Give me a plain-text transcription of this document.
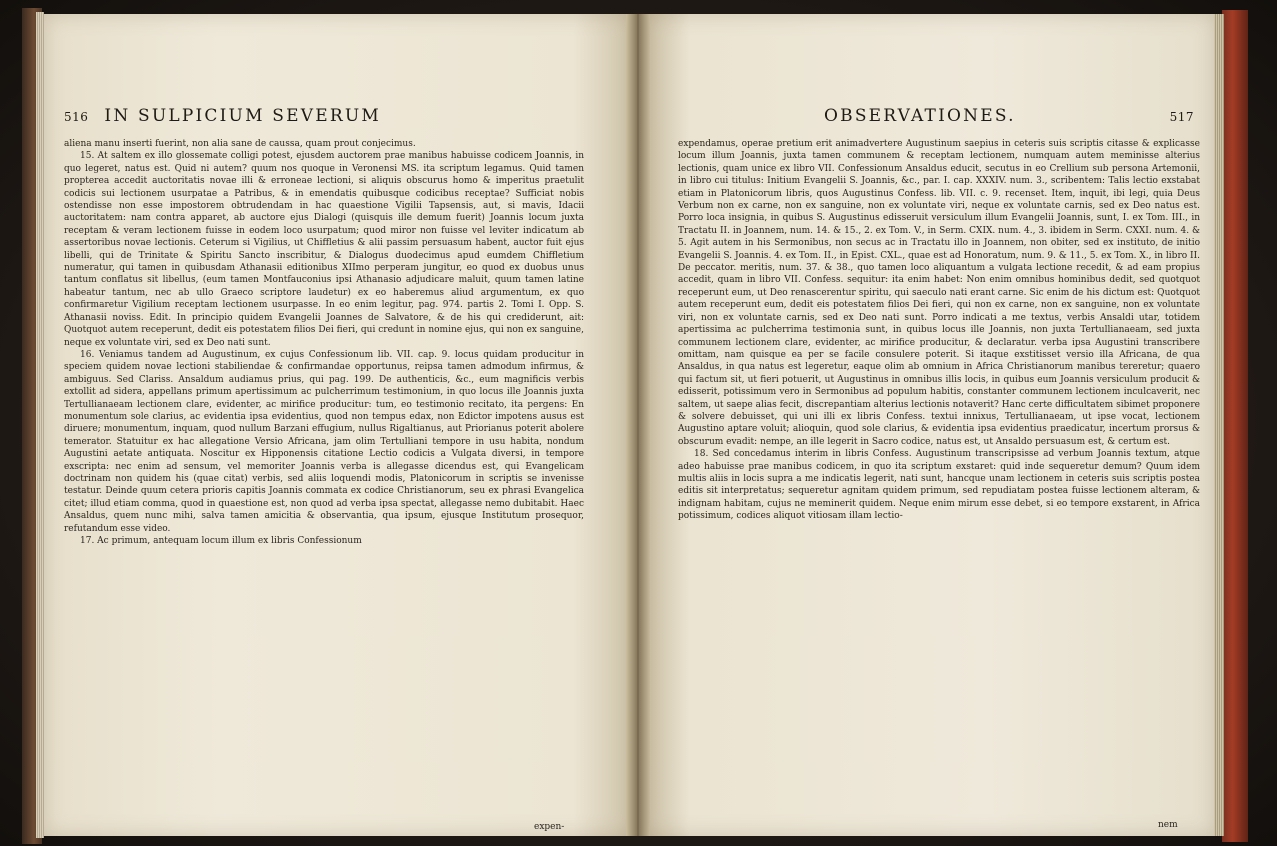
516 IN SULPICIUM SEVERUM

aliena manu inserti fuerint, non alia sane de caussa, quam prout conjecimus.

15. At saltem ex illo glossemate colligi potest, ejusdem auctorem prae manibus habuisse codicem Joannis, in quo legeret, natus est. Quid ni autem? quum nos quoque in Veronensi MS. ita scriptum legamus. Quid tamen propterea accedit auctoritatis novae illi & erroneae lectioni, si aliquis obscurus homo & imperitus praetulit codicis sui lectionem usurpatae a Patribus, & in emendatis quibusque codicibus receptae? Sufficiat nobis ostendisse non esse impostorem obtrudendam in hac quaestione Vigilii Tapsensis, aut, si mavis, Idacii auctoritatem: nam contra apparet, ab auctore ejus Dialogi (quisquis ille demum fuerit) Joannis locum juxta receptam & veram lectionem fuisse in eodem loco usurpatum; quod miror non fuisse vel leviter indicatum ab assertoribus novae lectionis. Ceterum si Vigilius, ut Chiffletius & alii passim persuasum habent, auctor fuit ejus libelli, qui de Trinitate & Spiritu Sancto inscribitur, & Dialogus duodecimus apud eumdem Chiffletium numeratur, qui tamen in quibusdam Athanasii editionibus XIImo perperam jungitur, eo quod ex duobus unus tantum conflatus sit libellus, (eum tamen Montfauconius ipsi Athanasio adjudicare maluit, quum tamen latine habeatur tantum, nec ab ullo Graeco scriptore laudetur) ex eo haberemus aliud argumentum, ex quo confirmaretur Vigilium receptam lectionem usurpasse. In eo enim legitur, pag. 974. partis 2. Tomi I. Opp. S. Athanasii noviss. Edit. In principio quidem Evangelii Joannes de Salvatore, & de his qui crediderunt, ait: Quotquot autem receperunt, dedit eis potestatem filios Dei fieri, qui credunt in nomine ejus, qui non ex sanguine, neque ex voluntate viri, sed ex Deo nati sunt.

16. Veniamus tandem ad Augustinum, ex cujus Confessionum lib. VII. cap. 9. locus quidam producitur in speciem quidem novae lectioni stabiliendae & confirmandae opportunus, reipsa tamen admodum infirmus, & ambiguus. Sed Clariss. Ansaldum audiamus prius, qui pag. 199. De authenticis, &c., eum magnificis verbis extollit ad sidera, appellans primum apertissimum ac pulcherrimum testimonium, in quo locus ille Joannis juxta Tertullianaeam lectionem clare, evidenter, ac mirifice producitur: tum, eo testimonio recitato, ita pergens: En monumentum sole clarius, ac evidentia ipsa evidentius, quod non tempus edax, non Edictor impotens ausus est diruere; monumentum, inquam, quod nullum Barzani effugium, nullus Rigaltianus, aut Priorianus poterit abolere temerator. Statuitur ex hac allegatione Versio Africana, jam olim Tertulliani tempore in usu habita, nondum Augustini aetate antiquata. Noscitur ex Hipponensis citatione Lectio codicis a Vulgata diversi, in tempore exscripta: nec enim ad sensum, vel memoriter Joannis verba is allegasse dicendus est, qui Evangelicam doctrinam non quidem his (quae citat) verbis, sed aliis loquendi modis, Platonicorum in scriptis se invenisse testatur. Deinde quum cetera prioris capitis Joannis commata ex codice Christianorum, seu ex phrasi Evangelica citet; illud etiam comma, quod in quaestione est, non quod ad verba ipsa spectat, allegasse nemo dubitabit. Haec Ansaldus, quem nunc mihi, salva tamen amicitia & observantia, qua ipsum, ejusque Institutum prosequor, refutandum esse video.

17. Ac primum, antequam locum illum ex libris Confessionum

expen-
OBSERVATIONES.	517

expendamus, operae pretium erit animadvertere Augustinum saepius in ceteris suis scriptis citasse & explicasse locum illum Joannis, juxta tamen communem & receptam lectionem, numquam autem meminisse alterius lectionis, quam unice ex libro VII. Confessionum Ansaldus educit, secutus in eo Crellium sub persona Artemonii, in libro cui titulus: Initium Evangelii S. Joannis, &c., par. I. cap. XXXIV. num. 3., scribentem: Talis lectio exstabat etiam in Platonicorum libris, quos Augustinus Confess. lib. VII. c. 9. recenset. Item, inquit, ibi legi, quia Deus Verbum non ex carne, non ex sanguine, non ex voluntate viri, neque ex voluntate carnis, sed ex Deo natus est. Porro loca insignia, in quibus S. Augustinus edisseruit versiculum illum Evangelii Joannis, sunt, I. ex Tom. III., in Tractatu II. in Joannem, num. 14. & 15., 2. ex Tom. V., in Serm. CXIX. num. 4., 3. ibidem in Serm. CXXI. num. 4. & 5. Agit autem in his Sermonibus, non secus ac in Tractatu illo in Joannem, non obiter, sed ex instituto, de initio Evangelii S. Joannis. 4. ex Tom. II., in Epist. CXL., quae est ad Honoratum, num. 9. & 11., 5. ex Tom. X., in libro II. De peccator. meritis, num. 37. & 38., quo tamen loco aliquantum a vulgata lectione recedit, & ad eam propius accedit, quam in libro VII. Confess. sequitur: ita enim habet: Non enim omnibus hominibus dedit, sed quotquot receperunt eum, ut Deo renascerentur spiritu, qui saeculo nati erant carne. Sic enim de his dictum est: Quotquot autem receperunt eum, dedit eis potestatem filios Dei fieri, qui non ex carne, non ex sanguine, non ex voluntate viri, non ex voluntate carnis, sed ex Deo nati sunt. Porro indicati a me textus, verbis Ansaldi utar, totidem apertissima ac pulcherrima testimonia sunt, in quibus locus ille Joannis, non juxta Tertullianaeam, sed juxta communem lectionem clare, evidenter, ac mirifice producitur, & declaratur. verba ipsa Augustini transcribere omittam, nam quisque ea per se facile consulere poterit. Si itaque exstitisset versio illa Africana, de qua Ansaldus, in qua natus est legeretur, eaque olim ab omnium in Africa Christianorum manibus tereretur; quaero qui factum sit, ut fieri potuerit, ut Augustinus in omnibus illis locis, in quibus eum Joannis versiculum producit & edisserit, potissimum vero in Sermonibus ad populum habitis, constanter communem lectionem inculcaverit, nec saltem, ut saepe alias fecit, discrepantiam alterius lectionis notaverit? Hanc certe difficultatem sibimet proponere & solvere debuisset, qui uni illi ex libris Confess. textui innixus, Tertullianaeam, ut ipse vocat, lectionem Augustino aptare voluit; alioquin, quod sole clarius, & evidentia ipsa evidentius praedicatur, incertum prorsus & obscurum evadit: nempe, an ille legerit in Sacro codice, natus est, ut Ansaldo persuasum est, & certum est.

18. Sed concedamus interim in libris Confess. Augustinum transcripsisse ad verbum Joannis textum, atque adeo habuisse prae manibus codicem, in quo ita scriptum exstaret: quid inde sequeretur demum? Quum idem multis aliis in locis supra a me indicatis legerit, nati sunt, hancque unam lectionem in ceteris suis scriptis postea editis sit interpretatus; sequeretur agnitam quidem primum, sed repudiatam postea fuisse lectionem alteram, & indignam habitam, cujus ne meminerit quidem. Neque enim mirum esse debet, si eo tempore exstarent, in Africa potissimum, codices aliquot vitiosam illam lectio-

nem
